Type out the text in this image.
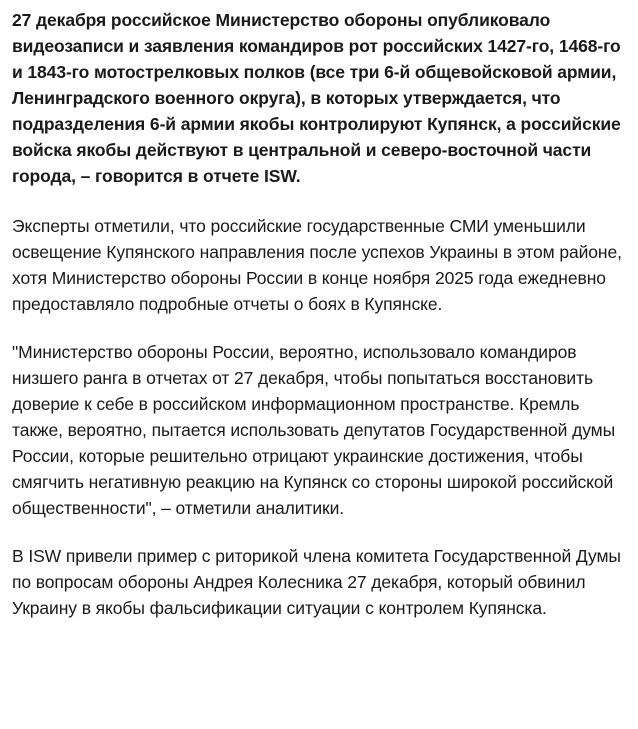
27 декабря российское Министерство обороны опубликовало видеозаписи и заявления командиров рот российских 1427-го, 1468-го и 1843-го мотострелковых полков (все три 6-й общевойсковой армии, Ленинградского военного округа), в которых утверждается, что подразделения 6-й армии якобы контролируют Купянск, а российские войска якобы действуют в центральной и северо-восточной части города, – говорится в отчете ISW.

Эксперты отметили, что российские государственные СМИ уменьшили освещение Купянского направления после успехов Украины в этом районе, хотя Министерство обороны России в конце ноября 2025 года ежедневно предоставляло подробные отчеты о боях в Купянске.

"Министерство обороны России, вероятно, использовало командиров низшего ранга в отчетах от 27 декабря, чтобы попытаться восстановить доверие к себе в российском информационном пространстве. Кремль также, вероятно, пытается использовать депутатов Государственной думы России, которые решительно отрицают украинские достижения, чтобы смягчить негативную реакцию на Купянск со стороны широкой российской общественности", – отметили аналитики.

В ISW привели пример с риторикой члена комитета Государственной Думы по вопросам обороны Андрея Колесника 27 декабря, который обвинил Украину в якобы фальсификации ситуации с контролем Купянска.
